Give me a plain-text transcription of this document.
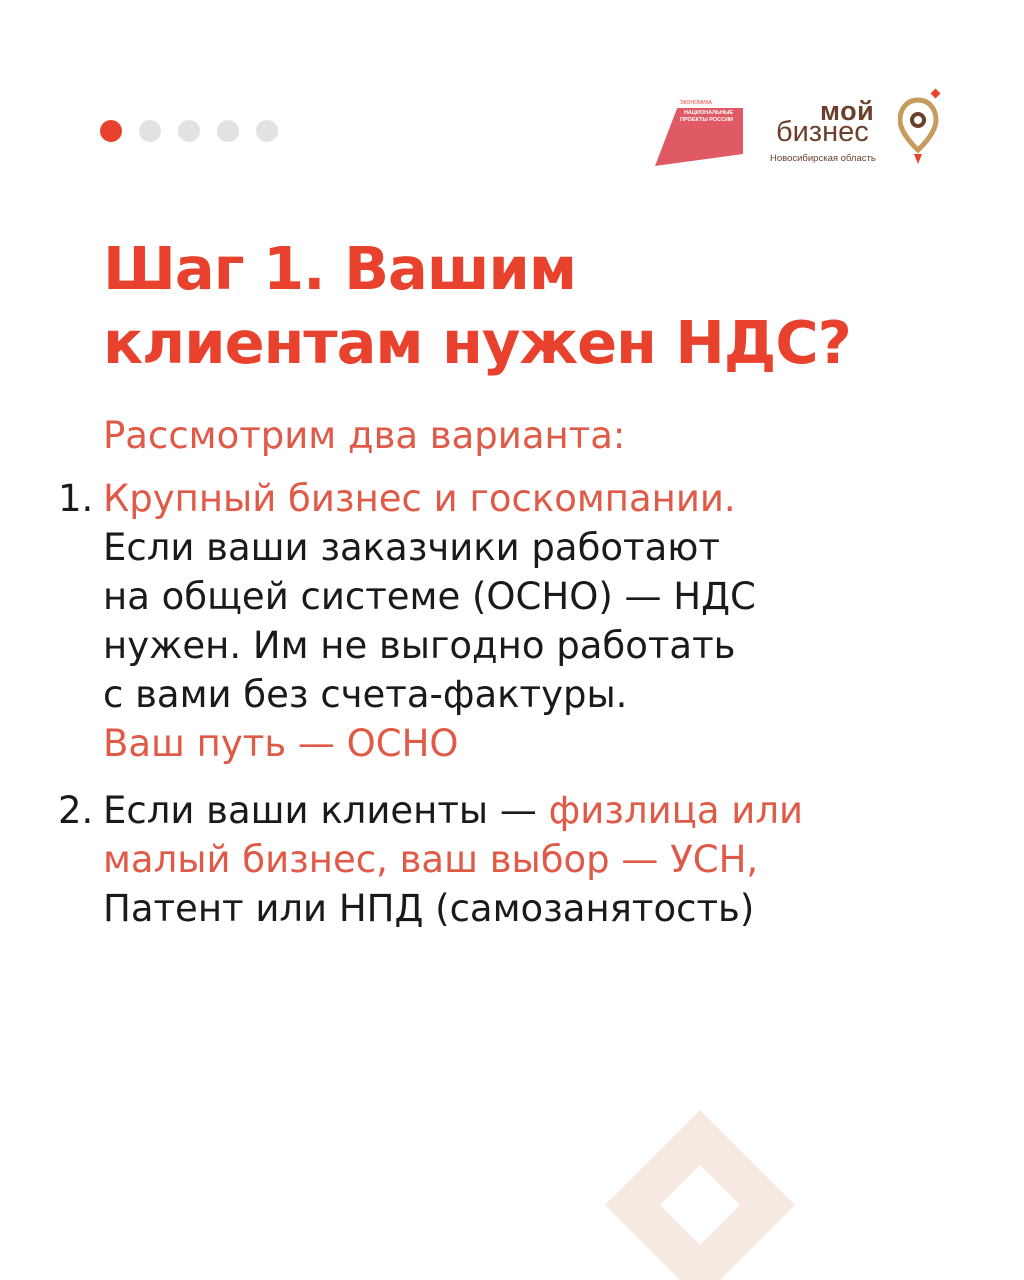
ЭКОНОМИКА
НАЦИОНАЛЬНЫЕ ПРОЕКТЫ РОССИИ	мой
бизнес
Новосибирская область
Шаг 1. Вашим
клиентам нужен НДС?

Рассмотрим два варианта:

1. Крупный бизнес и госкомпании.
Если ваши заказчики работают
на общей системе (ОСНО) — НДС
нужен. Им не выгодно работать
с вами без счета-фактуры.
Ваш путь — ОСНО
2. Если ваши клиенты — физлица или
малый бизнес, ваш выбор — УСН,
Патент или НПД (самозанятость)
